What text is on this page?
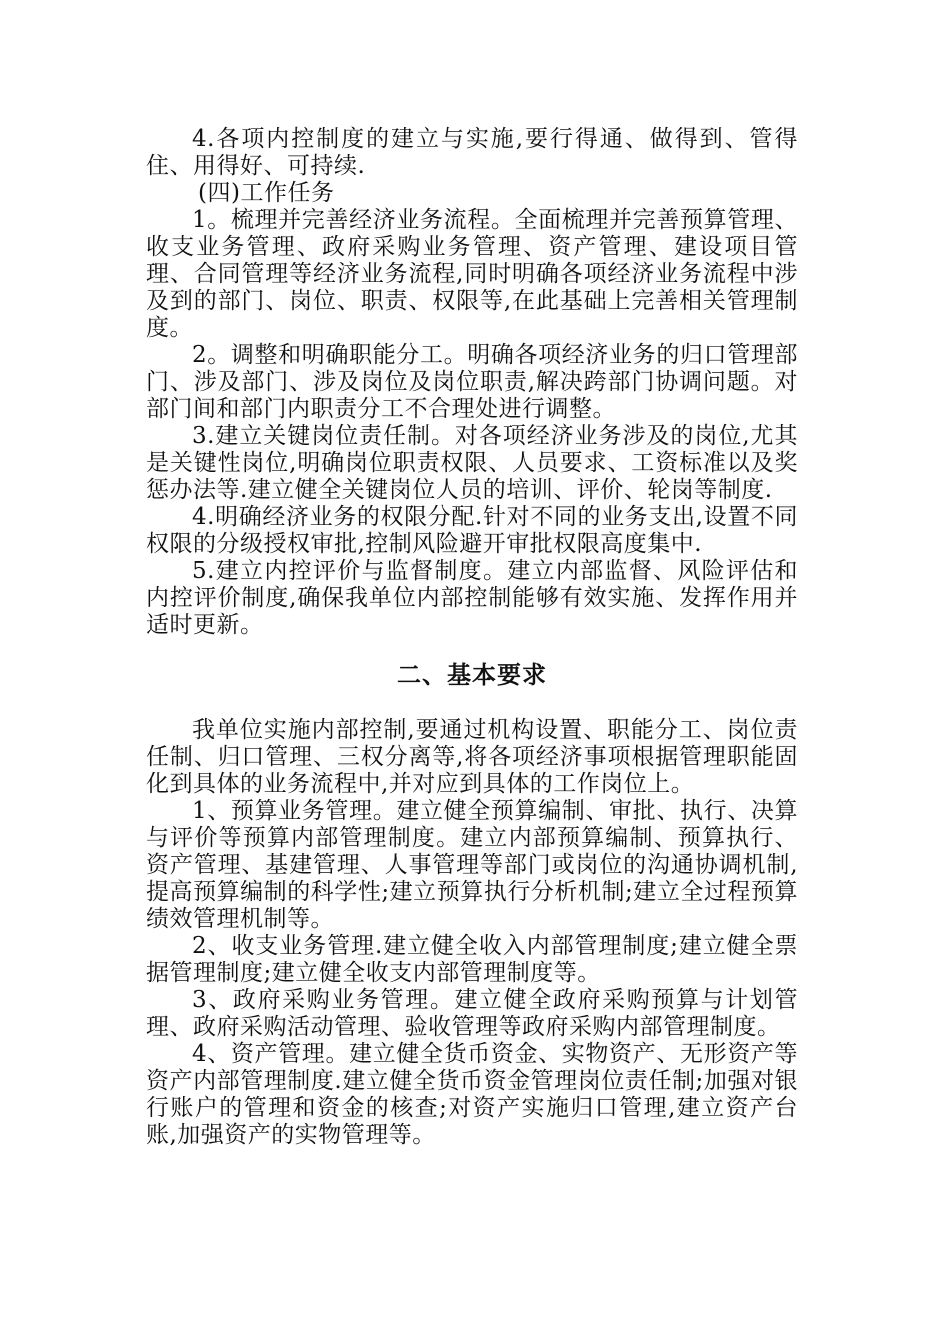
4.各项内控制度的建立与实施,要行得通、做得到、管得住、用得好、可持续.

(四)工作任务

1。梳理并完善经济业务流程。全面梳理并完善预算管理、收支业务管理、政府采购业务管理、资产管理、建设项目管理、合同管理等经济业务流程,同时明确各项经济业务流程中涉及到的部门、岗位、职责、权限等,在此基础上完善相关管理制度。

2。调整和明确职能分工。明确各项经济业务的归口管理部门、涉及部门、涉及岗位及岗位职责,解决跨部门协调问题。对部门间和部门内职责分工不合理处进行调整。

3.建立关键岗位责任制。对各项经济业务涉及的岗位,尤其是关键性岗位,明确岗位职责权限、人员要求、工资标准以及奖惩办法等.建立健全关键岗位人员的培训、评价、轮岗等制度.

4.明确经济业务的权限分配.针对不同的业务支出,设置不同权限的分级授权审批,控制风险避开审批权限高度集中.

5.建立内控评价与监督制度。建立内部监督、风险评估和内控评价制度,确保我单位内部控制能够有效实施、发挥作用并适时更新。

二、基本要求

我单位实施内部控制,要通过机构设置、职能分工、岗位责任制、归口管理、三权分离等,将各项经济事项根据管理职能固化到具体的业务流程中,并对应到具体的工作岗位上。

1、预算业务管理。建立健全预算编制、审批、执行、决算与评价等预算内部管理制度。建立内部预算编制、预算执行、资产管理、基建管理、人事管理等部门或岗位的沟通协调机制,提高预算编制的科学性;建立预算执行分析机制;建立全过程预算绩效管理机制等。

2、收支业务管理.建立健全收入内部管理制度;建立健全票据管理制度;建立健全收支内部管理制度等。

3、政府采购业务管理。建立健全政府采购预算与计划管理、政府采购活动管理、验收管理等政府采购内部管理制度。

4、资产管理。建立健全货币资金、实物资产、无形资产等资产内部管理制度.建立健全货币资金管理岗位责任制;加强对银行账户的管理和资金的核查;对资产实施归口管理,建立资产台账,加强资产的实物管理等。
